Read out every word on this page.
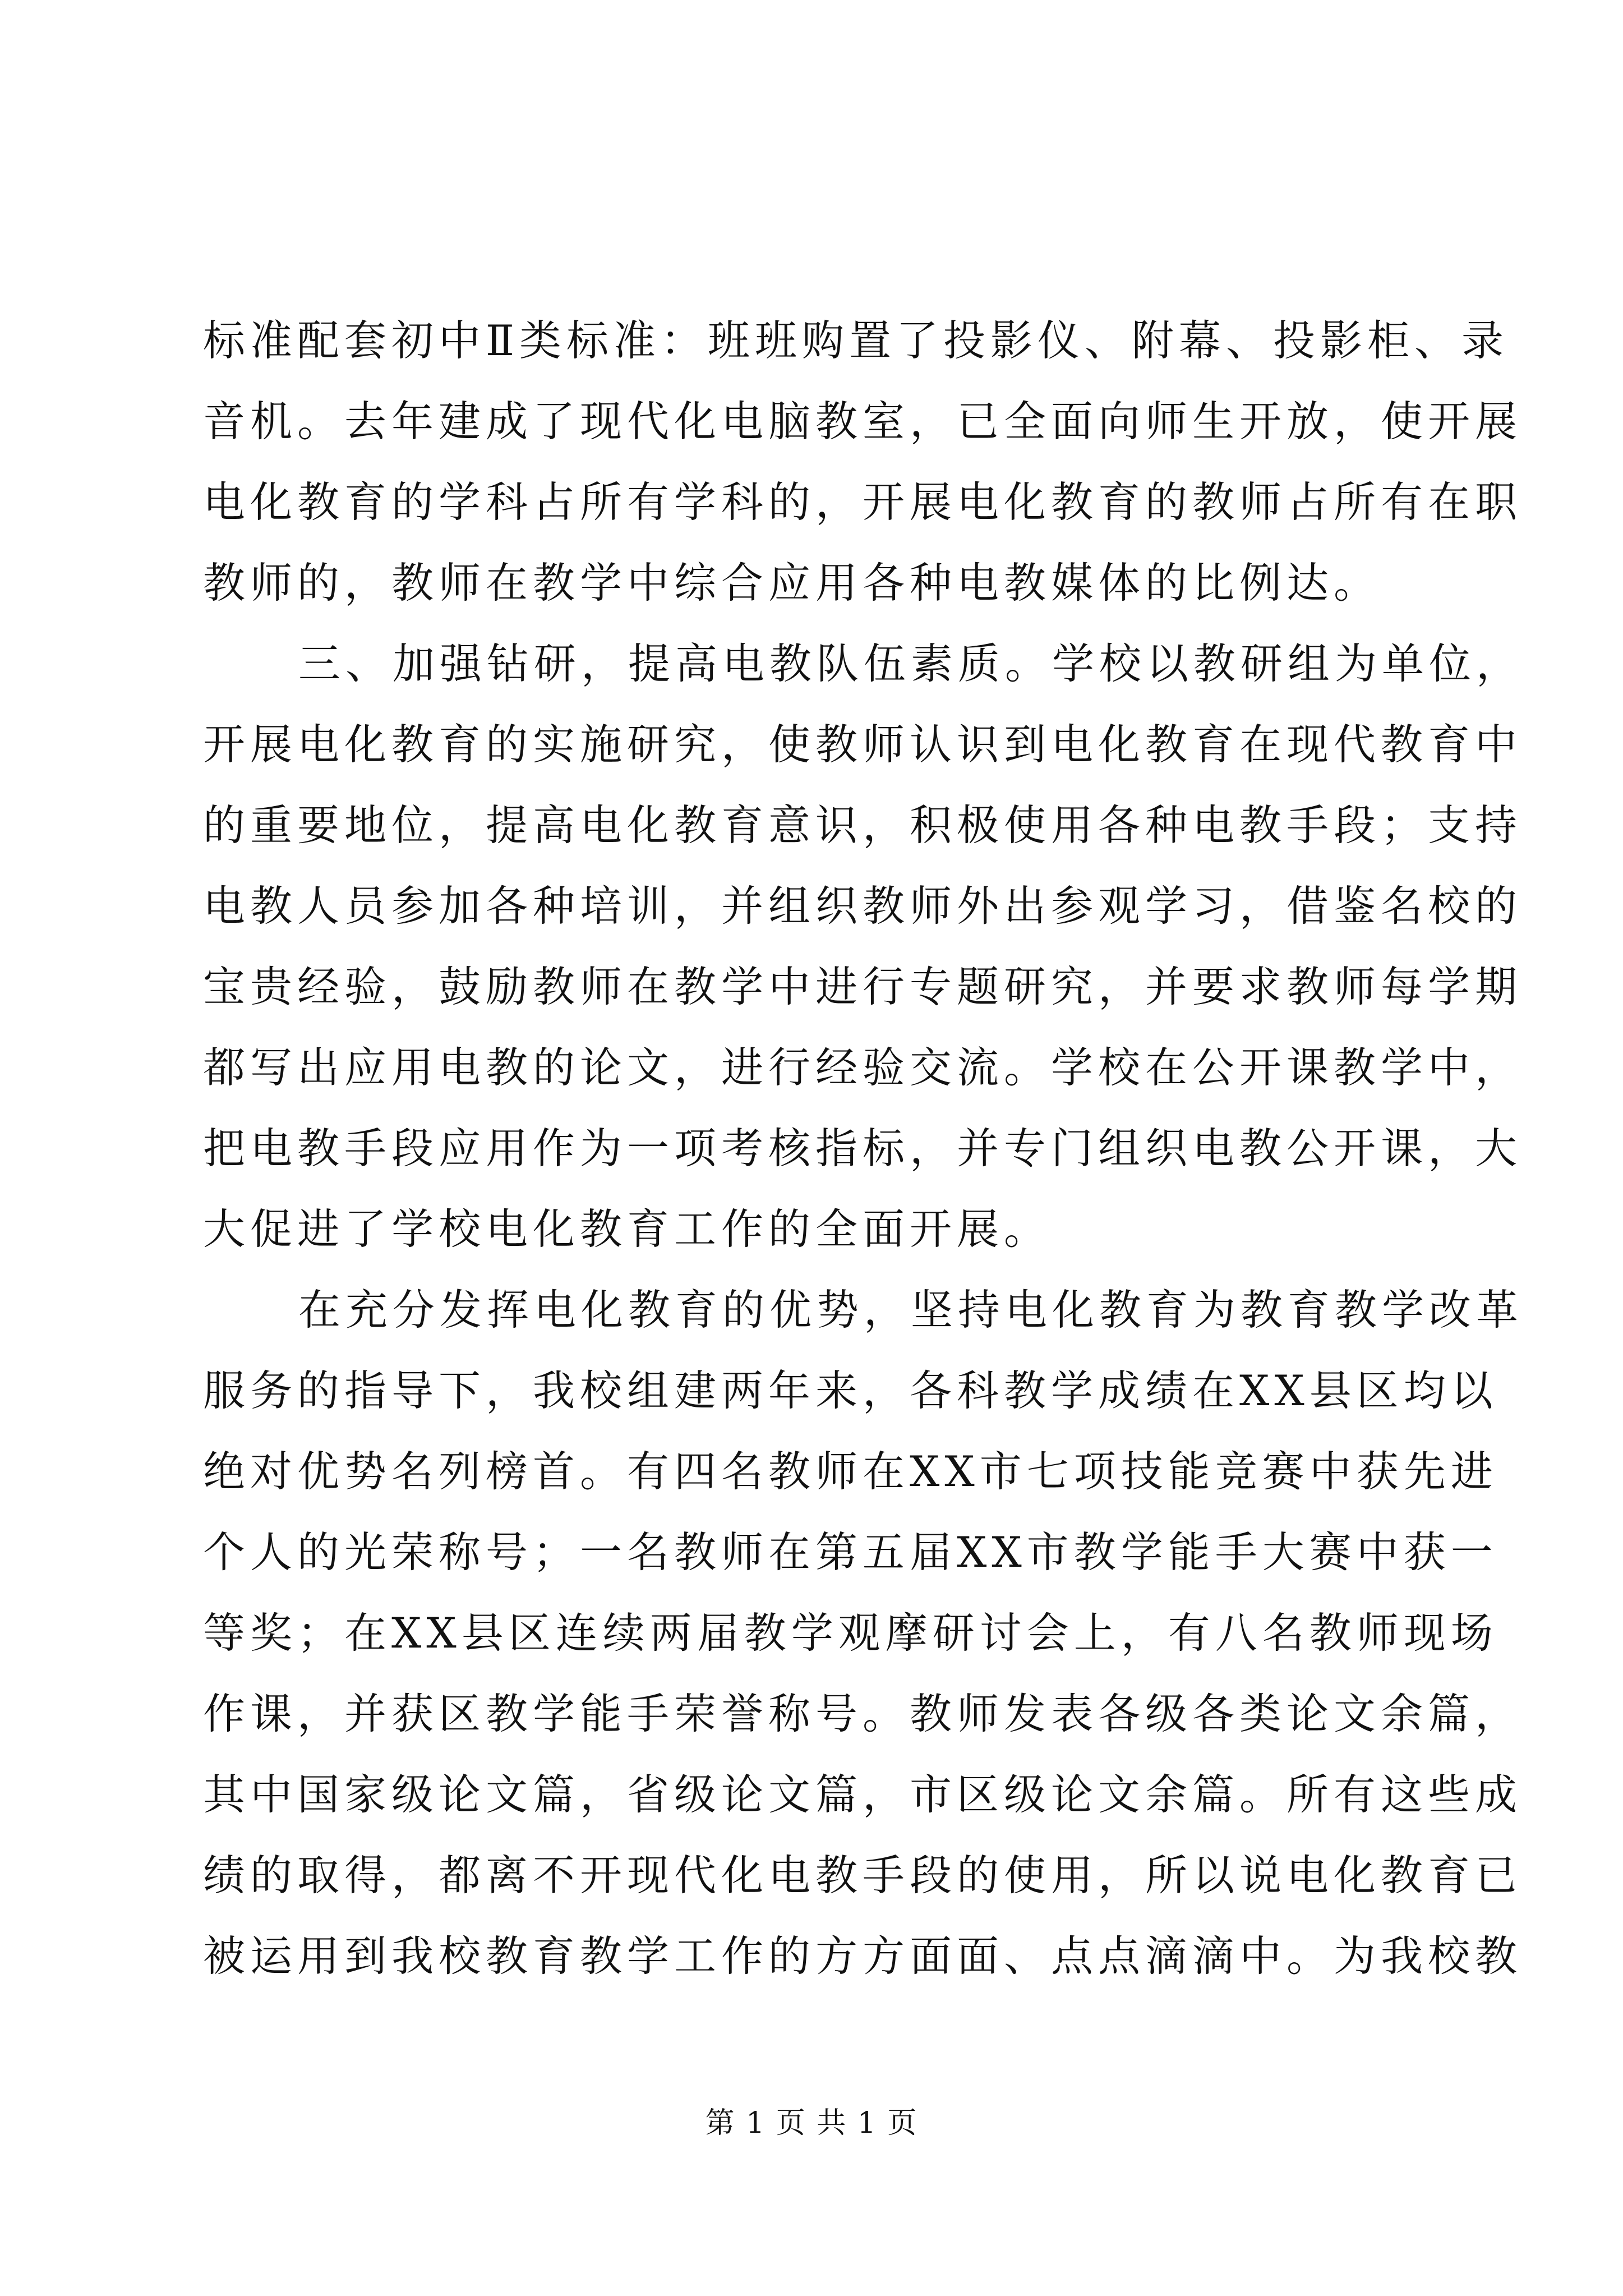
标准配套初中Ⅱ类标准：班班购置了投影仪、附幕、投影柜、录
音机。去年建成了现代化电脑教室，已全面向师生开放，使开展
电化教育的学科占所有学科的，开展电化教育的教师占所有在职
教师的，教师在教学中综合应用各种电教媒体的比例达。

三、加强钻研，提高电教队伍素质。学校以教研组为单位，
开展电化教育的实施研究，使教师认识到电化教育在现代教育中
的重要地位，提高电化教育意识，积极使用各种电教手段；支持
电教人员参加各种培训，并组织教师外出参观学习，借鉴名校的
宝贵经验，鼓励教师在教学中进行专题研究，并要求教师每学期
都写出应用电教的论文，进行经验交流。学校在公开课教学中，
把电教手段应用作为一项考核指标，并专门组织电教公开课，大
大促进了学校电化教育工作的全面开展。

在充分发挥电化教育的优势，坚持电化教育为教育教学改革
服务的指导下，我校组建两年来，各科教学成绩在XX县区均以
绝对优势名列榜首。有四名教师在XX市七项技能竞赛中获先进
个人的光荣称号；一名教师在第五届XX市教学能手大赛中获一
等奖；在XX县区连续两届教学观摩研讨会上，有八名教师现场
作课，并获区教学能手荣誉称号。教师发表各级各类论文余篇，
其中国家级论文篇，省级论文篇，市区级论文余篇。所有这些成
绩的取得，都离不开现代化电教手段的使用，所以说电化教育已
被运用到我校教育教学工作的方方面面、点点滴滴中。为我校教

第 1 页 共 1 页
